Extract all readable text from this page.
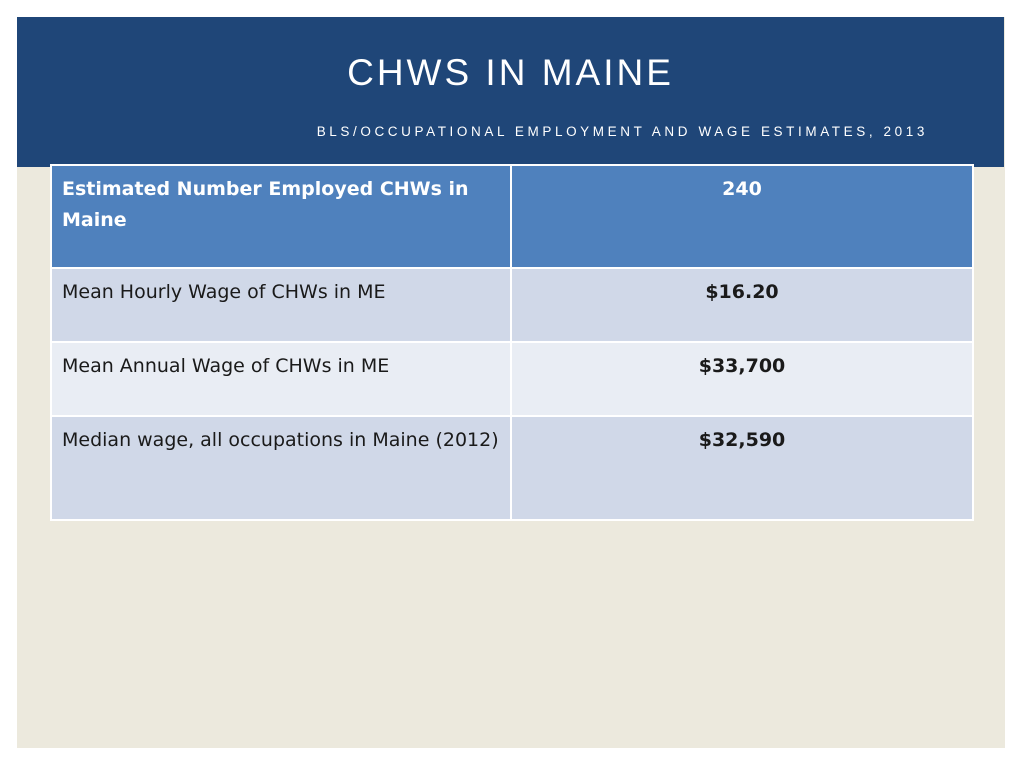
CHWS IN MAINE
BLS/OCCUPATIONAL EMPLOYMENT AND WAGE ESTIMATES, 2013
Estimated Number Employed CHWs in Maine	240
Mean Hourly Wage of CHWs in ME	$16.20
Mean Annual Wage of CHWs in ME	$33,700
Median wage, all occupations in Maine (2012)	$32,590
